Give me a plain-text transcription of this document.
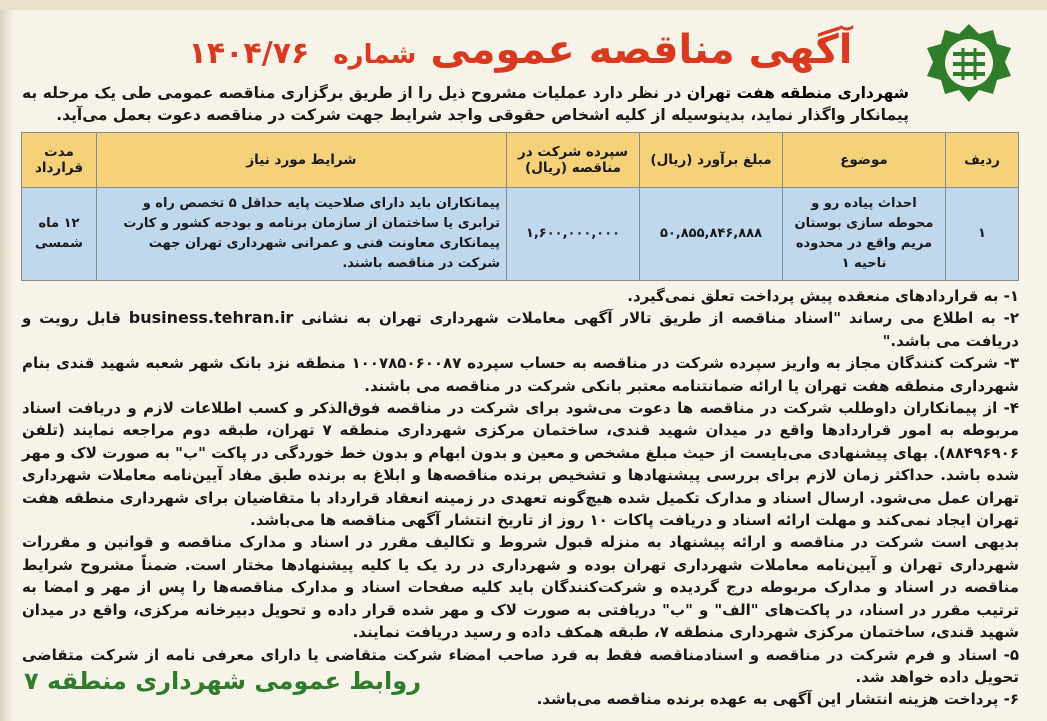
آگهی مناقصه عمومی شماره ۱۴۰۴/۷۶

شهرداری منطقه هفت تهران در نظر دارد عملیات مشروح ذیل را از طریق برگزاری مناقصه عمومی طی یک مرحله به پیمانکار واگذار نماید، بدینوسیله از کلیه اشخاص حقوقی واجد شرایط جهت شرکت در مناقصه دعوت بعمل می‌آید.

ردیف	موضوع	مبلغ برآورد (ریال)	سپرده شرکت در مناقصه (ریال)	شرایط مورد نیاز	مدت قرارداد
۱	احداث پیاده رو و محوطه سازی بوستان مریم واقع در محدوده ناحیه ۱	۵۰,۸۵۵,۸۴۶,۸۸۸	۱,۶۰۰,۰۰۰,۰۰۰	پیمانکاران باید دارای صلاحیت پایه حداقل ۵ تخصص راه و ترابری یا ساختمان از سازمان برنامه و بودجه کشور و کارت پیمانکاری معاونت فنی و عمرانی شهرداری تهران جهت شرکت در مناقصه باشند.	۱۲ ماه شمسی

۱- به قراردادهای منعقده پیش پرداخت تعلق نمی‌گیرد.

۲- به اطلاع می رساند "اسناد مناقصه از طریق تالار آگهی معاملات شهرداری تهران به نشانی business.tehran.ir قابل رویت و دریافت می باشد."

۳- شرکت کنندگان مجاز به واریز سپرده شرکت در مناقصه به حساب سپرده ۱۰۰۷۸۵۰۶۰۰۸۷ منطقه نزد بانک شهر شعبه شهید قندی بنام شهرداری منطقه هفت تهران یا ارائه ضمانتنامه معتبر بانکی شرکت در مناقصه می باشند.

۴- از پیمانکاران داوطلب شرکت در مناقصه ها دعوت می‌شود برای شرکت در مناقصه فوق‌الذکر و کسب اطلاعات لازم و دریافت اسناد مربوطه به امور قراردادها واقع در میدان شهید قندی، ساختمان مرکزی شهرداری منطقه ۷ تهران، طبقه دوم مراجعه نمایند (تلفن ۸۸۴۹۶۹۰۶). بهای پیشنهادی می‌بایست از حیث مبلغ مشخص و معین و بدون ابهام و بدون خط خوردگی در پاکت "ب" به صورت لاک و مهر شده باشد. حداکثر زمان لازم برای بررسی پیشنهادها و تشخیص برنده مناقصه‌ها و ابلاغ به برنده طبق مفاد آیین‌نامه معاملات شهرداری تهران عمل می‌شود. ارسال اسناد و مدارک تکمیل شده هیچ‌گونه تعهدی در زمینه انعقاد قرارداد با متقاضیان برای شهرداری منطقه هفت تهران ایجاد نمی‌کند و مهلت ارائه اسناد و دریافت پاکات ۱۰ روز از تاریخ انتشار آگهی مناقصه ها می‌باشد.

بدیهی است شرکت در مناقصه و ارائه پیشنهاد به منزله قبول شروط و تکالیف مقرر در اسناد و مدارک مناقصه و قوانین و مقررات شهرداری تهران و آیین‌نامه معاملات شهرداری تهران بوده و شهرداری در رد یک یا کلیه پیشنهادها مختار است. ضمناً مشروح شرایط مناقصه در اسناد و مدارک مربوطه درج گردیده و شرکت‌کنندگان باید کلیه صفحات اسناد و مدارک مناقصه‌ها را پس از مهر و امضا به ترتیب مقرر در اسناد، در پاکت‌های "الف" و "ب" دریافتی به صورت لاک و مهر شده قرار داده و تحویل دبیرخانه مرکزی، واقع در میدان شهید قندی، ساختمان مرکزی شهرداری منطقه ۷، طبقه همکف داده و رسید دریافت نمایند.

۵- اسناد و فرم شرکت در مناقصه و اسنادمناقصه فقط به فرد صاحب امضاء شرکت متقاضی یا دارای معرفی نامه از شرکت متقاضی تحویل داده خواهد شد.

۶- پرداخت هزینه انتشار این آگهی به عهده برنده مناقصه می‌باشد.

روابط عمومی شهرداری منطقه ۷
